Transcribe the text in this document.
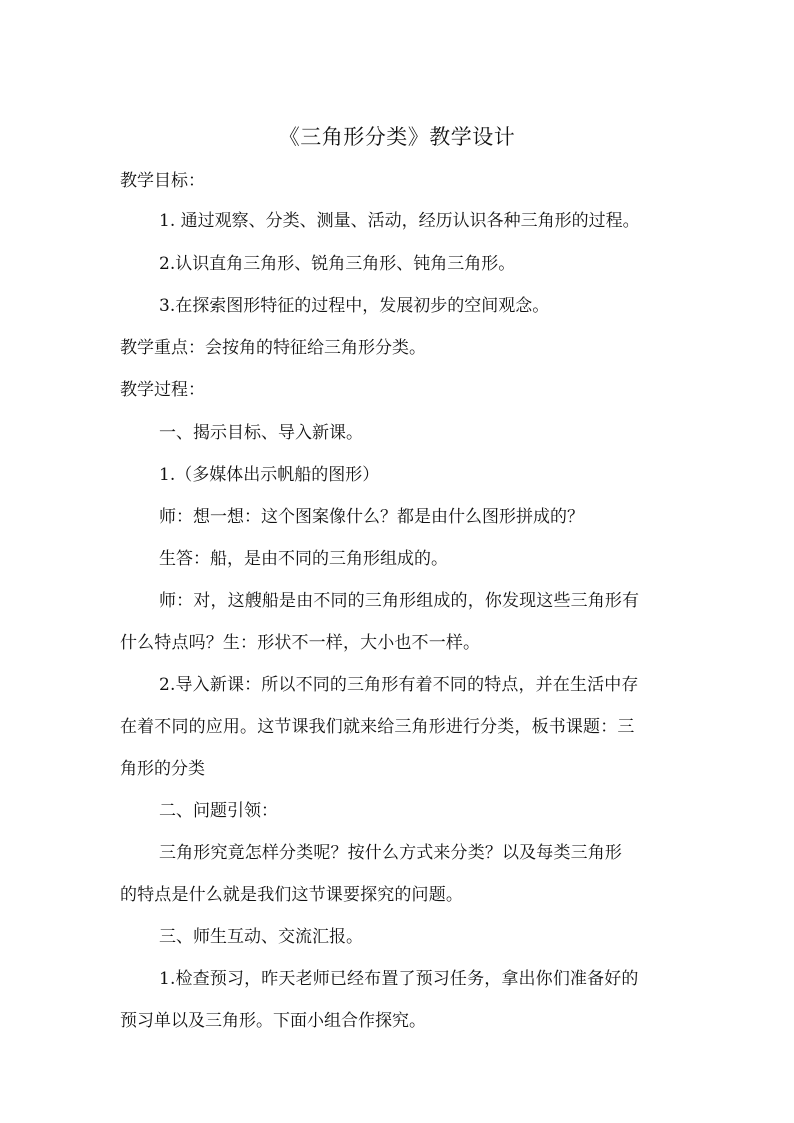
《三角形分类》教学设计
教学目标：
1. 通过观察、分类、测量、活动，经历认识各种三角形的过程。
2.认识直角三角形、锐角三角形、钝角三角形。
3.在探索图形特征的过程中，发展初步的空间观念。
教学重点：会按角的特征给三角形分类。
教学过程：
一、揭示目标、导入新课。
1.（多媒体出示帆船的图形）
师：想一想：这个图案像什么？都是由什么图形拼成的？
生答：船，是由不同的三角形组成的。
师：对，这艘船是由不同的三角形组成的，你发现这些三角形有
什么特点吗？生：形状不一样，大小也不一样。
2.导入新课：所以不同的三角形有着不同的特点，并在生活中存
在着不同的应用。这节课我们就来给三角形进行分类，板书课题：三
角形的分类
二、问题引领：
三角形究竟怎样分类呢？按什么方式来分类？以及每类三角形
的特点是什么就是我们这节课要探究的问题。
三、师生互动、交流汇报。
1.检查预习，昨天老师已经布置了预习任务，拿出你们准备好的
预习单以及三角形。下面小组合作探究。
